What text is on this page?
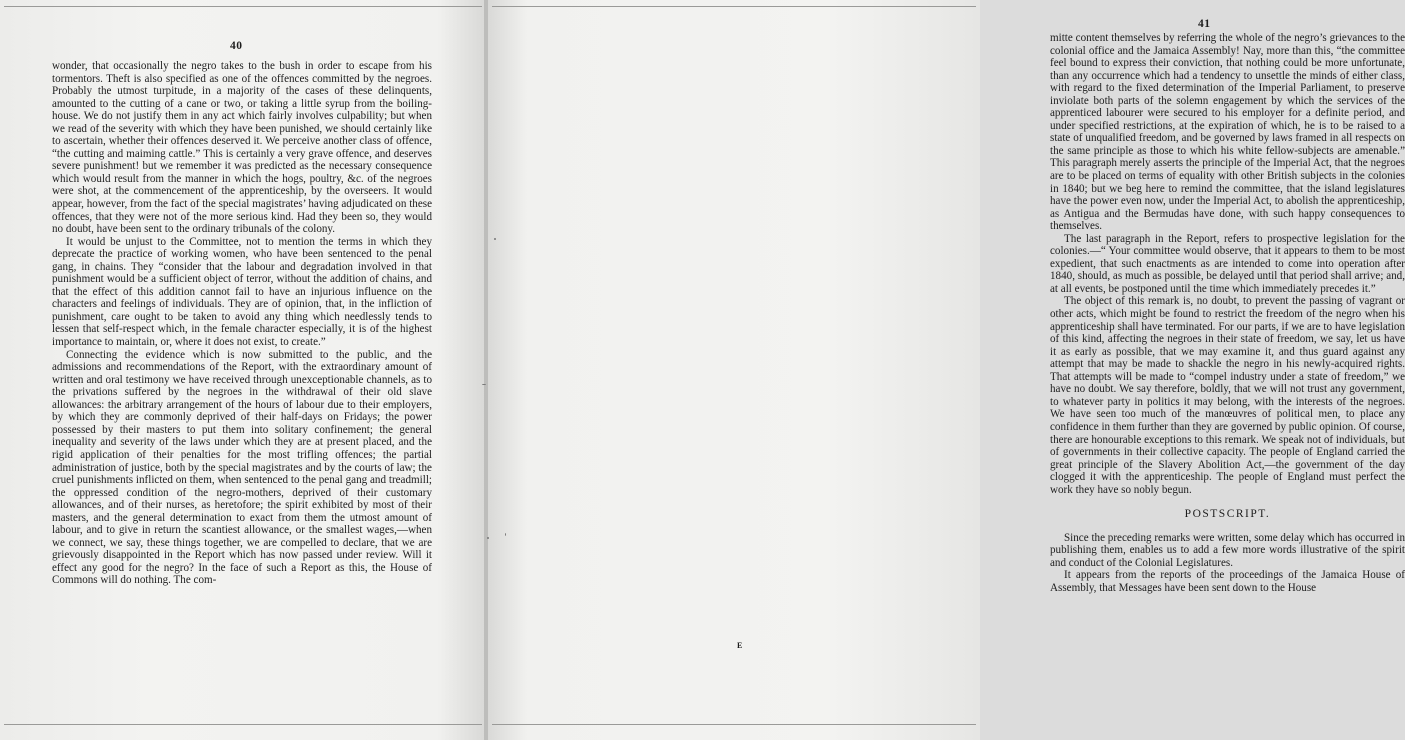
40

wonder, that occasionally the negro takes to the bush in order to escape from his tormentors. Theft is also specified as one of the offences committed by the negroes. Probably the utmost turpitude, in a majority of the cases of these delinquents, amounted to the cutting of a cane or two, or taking a little syrup from the boiling-house. We do not justify them in any act which fairly involves culpability; but when we read of the severity with which they have been punished, we should certainly like to ascertain, whether their offences deserved it. We perceive another class of offence, “the cutting and maiming cattle.” This is certainly a very grave offence, and deserves severe punishment! but we remember it was predicted as the necessary consequence which would result from the manner in which the hogs, poultry, &c. of the negroes were shot, at the commencement of the apprenticeship, by the overseers. It would appear, however, from the fact of the special magistrates’ having adjudicated on these offences, that they were not of the more serious kind. Had they been so, they would no doubt, have been sent to the ordinary tribunals of the colony.

It would be unjust to the Committee, not to mention the terms in which they deprecate the practice of working women, who have been sentenced to the penal gang, in chains. They “consider that the labour and degradation involved in that punishment would be a sufficient object of terror, without the addition of chains, and that the effect of this addition cannot fail to have an injurious influence on the characters and feelings of individuals. They are of opinion, that, in the infliction of punishment, care ought to be taken to avoid any thing which needlessly tends to lessen that self-respect which, in the female character especially, it is of the highest importance to maintain, or, where it does not exist, to create.”

Connecting the evidence which is now submitted to the public, and the admissions and recommendations of the Report, with the extraordinary amount of written and oral testimony we have received through unexceptionable channels, as to the privations suffered by the negroes in the withdrawal of their old slave allowances: the arbitrary arrangement of the hours of labour due to their employers, by which they are commonly deprived of their half-days on Fridays; the power possessed by their masters to put them into solitary confinement; the general inequality and severity of the laws under which they are at present placed, and the rigid application of their penalties for the most trifling offences; the partial administration of justice, both by the special magistrates and by the courts of law; the cruel punishments inflicted on them, when sentenced to the penal gang and treadmill; the oppressed condition of the negro-mothers, deprived of their customary allowances, and of their nurses, as heretofore; the spirit exhibited by most of their masters, and the general determination to exact from them the utmost amount of labour, and to give in return the scantiest allowance, or the smallest wages,—when we connect, we say, these things together, we are compelled to declare, that we are grievously disappointed in the Report which has now passed under review. Will it effect any good for the negro? In the face of such a Report as this, the House of Commons will do nothing. The com-

41

mitte content themselves by referring the whole of the negro’s grievances to the colonial office and the Jamaica Assembly! Nay, more than this, “the committee feel bound to express their conviction, that nothing could be more unfortunate, than any occurrence which had a tendency to unsettle the minds of either class, with regard to the fixed determination of the Imperial Parliament, to preserve inviolate both parts of the solemn engagement by which the services of the apprenticed labourer were secured to his employer for a definite period, and under specified restrictions, at the expiration of which, he is to be raised to a state of unqualified freedom, and be governed by laws framed in all respects on the same principle as those to which his white fellow-subjects are amenable.” This paragraph merely asserts the principle of the Imperial Act, that the negroes are to be placed on terms of equality with other British subjects in the colonies in 1840; but we beg here to remind the committee, that the island legislatures have the power even now, under the Imperial Act, to abolish the apprenticeship, as Antigua and the Bermudas have done, with such happy consequences to themselves.

The last paragraph in the Report, refers to prospective legislation for the colonies.—“ Your committee would observe, that it appears to them to be most expedient, that such enactments as are intended to come into operation after 1840, should, as much as possible, be delayed until that period shall arrive; and, at all events, be postponed until the time which immediately precedes it.”

The object of this remark is, no doubt, to prevent the passing of vagrant or other acts, which might be found to restrict the freedom of the negro when his apprenticeship shall have terminated. For our parts, if we are to have legislation of this kind, affecting the negroes in their state of freedom, we say, let us have it as early as possible, that we may examine it, and thus guard against any attempt that may be made to shackle the negro in his newly-acquired rights. That attempts will be made to “compel industry under a state of freedom,” we have no doubt. We say therefore, boldly, that we will not trust any government, to whatever party in politics it may belong, with the interests of the negroes. We have seen too much of the manœuvres of political men, to place any confidence in them further than they are governed by public opinion. Of course, there are honourable exceptions to this remark. We speak not of individuals, but of governments in their collective capacity. The people of England carried the great principle of the Slavery Abolition Act,—the government of the day clogged it with the apprenticeship. The people of England must perfect the work they have so nobly begun.

POSTSCRIPT.

Since the preceding remarks were written, some delay which has occurred in publishing them, enables us to add a few more words illustrative of the spirit and conduct of the Colonial Legislatures.

It appears from the reports of the proceedings of the Jamaica House of Assembly, that Messages have been sent down to the House

E
